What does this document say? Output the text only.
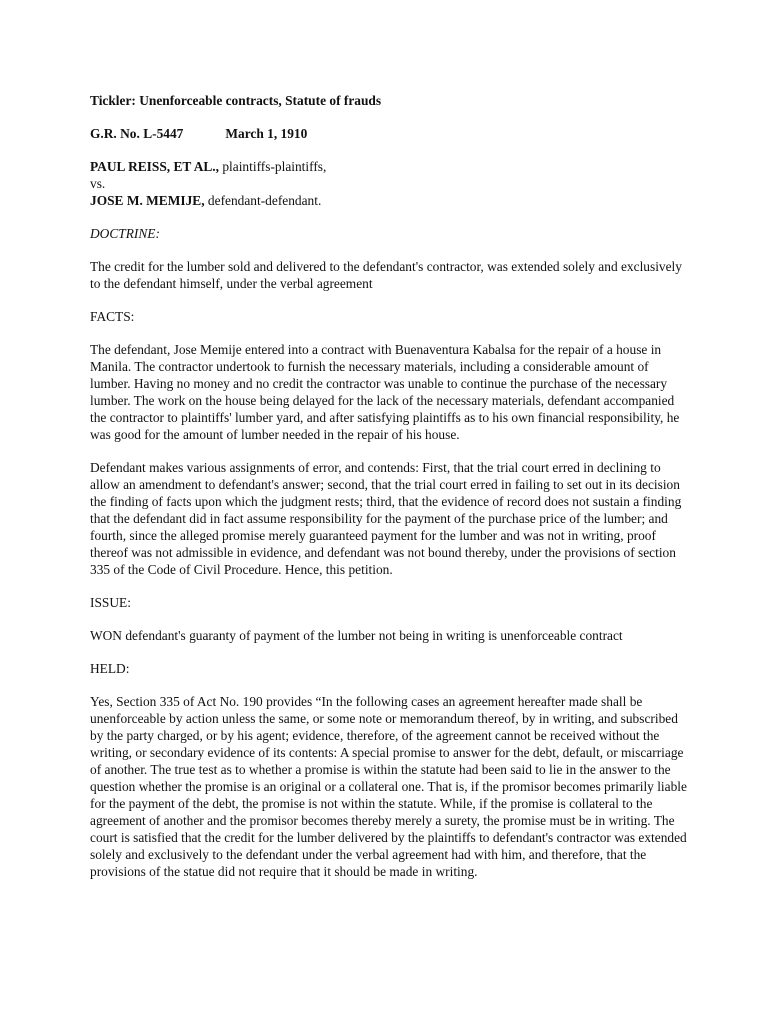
Tickler: Unenforceable contracts, Statute of frauds

G.R. No. L-5447	March 1, 1910

PAUL REISS, ET AL., plaintiffs-plaintiffs,

vs.

JOSE M. MEMIJE, defendant-defendant.

DOCTRINE:

The credit for the lumber sold and delivered to the defendant's contractor, was extended solely and exclusively to the defendant himself, under the verbal agreement

FACTS:

The defendant, Jose Memije entered into a contract with Buenaventura Kabalsa for the repair of a house in Manila. The contractor undertook to furnish the necessary materials, including a considerable amount of lumber. Having no money and no credit the contractor was unable to continue the purchase of the necessary lumber. The work on the house being delayed for the lack of the necessary materials, defendant accompanied the contractor to plaintiffs' lumber yard, and after satisfying plaintiffs as to his own financial responsibility, he was good for the amount of lumber needed in the repair of his house.

Defendant makes various assignments of error, and contends: First, that the trial court erred in declining to allow an amendment to defendant's answer; second, that the trial court erred in failing to set out in its decision the finding of facts upon which the judgment rests; third, that the evidence of record does not sustain a finding that the defendant did in fact assume responsibility for the payment of the purchase price of the lumber; and fourth, since the alleged promise merely guaranteed payment for the lumber and was not in writing, proof thereof was not admissible in evidence, and defendant was not bound thereby, under the provisions of section 335 of the Code of Civil Procedure. Hence, this petition.

ISSUE:

WON defendant's guaranty of payment of the lumber not being in writing is unenforceable contract

HELD:

Yes, Section 335 of Act No. 190 provides “In the following cases an agreement hereafter made shall be unenforceable by action unless the same, or some note or memorandum thereof, by in writing, and subscribed by the party charged, or by his agent; evidence, therefore, of the agreement cannot be received without the writing, or secondary evidence of its contents: A special promise to answer for the debt, default, or miscarriage of another. The true test as to whether a promise is within the statute had been said to lie in the answer to the question whether the promise is an original or a collateral one. That is, if the promisor becomes primarily liable for the payment of the debt, the promise is not within the statute. While, if the promise is collateral to the agreement of another and the promisor becomes thereby merely a surety, the promise must be in writing. The court is satisfied that the credit for the lumber delivered by the plaintiffs to defendant's contractor was extended solely and exclusively to the defendant under the verbal agreement had with him, and therefore, that the provisions of the statue did not require that it should be made in writing.
